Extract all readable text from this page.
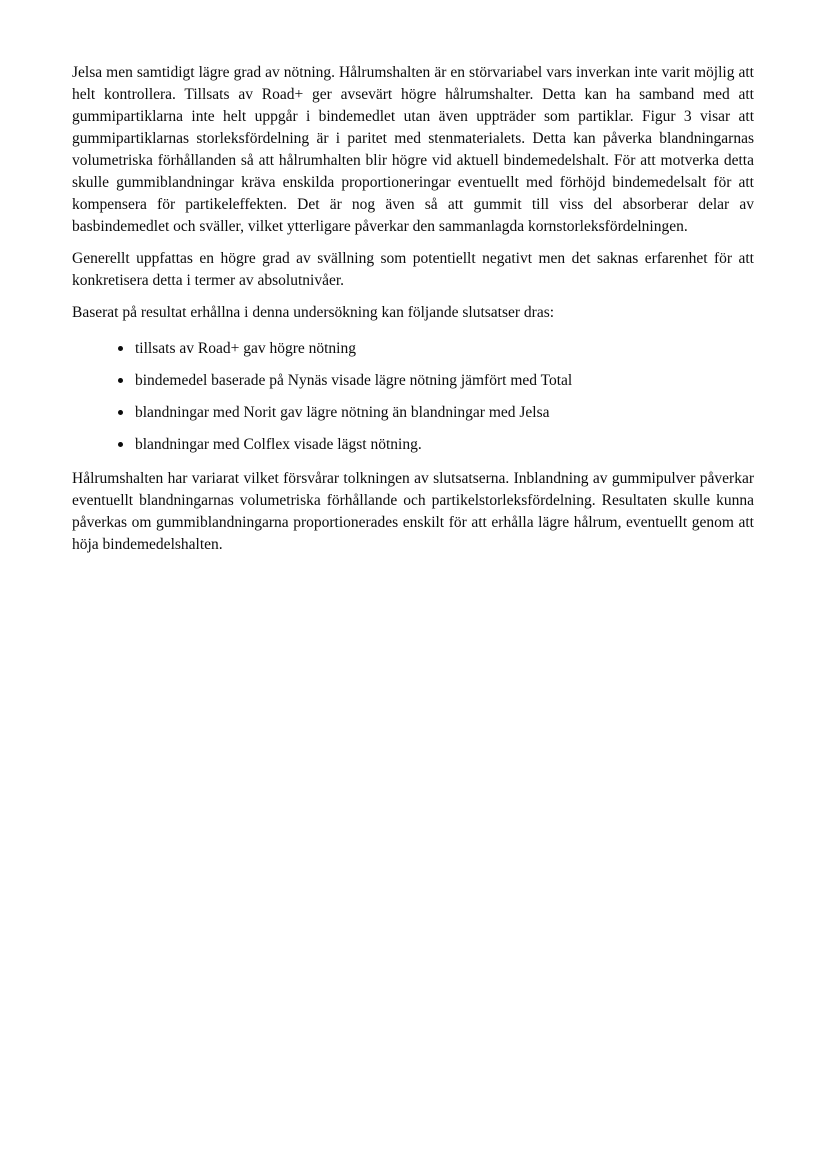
Jelsa men samtidigt lägre grad av nötning. Hålrumshalten är en störvariabel vars inverkan inte varit möjlig att helt kontrollera. Tillsats av Road+ ger avsevärt högre hålrumshalter. Detta kan ha samband med att gummipartiklarna inte helt uppgår i bindemedlet utan även uppträder som partiklar. Figur 3 visar att gummipartiklarnas storleksfördelning är i paritet med stenmaterialets. Detta kan påverka blandningarnas volumetriska förhållanden så att hålrumhalten blir högre vid aktuell bindemedelshalt. För att motverka detta skulle gummiblandningar kräva enskilda proportioneringar eventuellt med förhöjd bindemedelsalt för att kompensera för partikeleffekten. Det är nog även så att gummit till viss del absorberar delar av basbindemedlet och sväller, vilket ytterligare påverkar den sammanlagda kornstorleksfördelningen.

Generellt uppfattas en högre grad av svällning som potentiellt negativt men det saknas erfarenhet för att konkretisera detta i termer av absolutnivåer.

Baserat på resultat erhållna i denna undersökning kan följande slutsatser dras:

tillsats av Road+ gav högre nötning
bindemedel baserade på Nynäs visade lägre nötning jämfört med Total
blandningar med Norit gav lägre nötning än blandningar med Jelsa
blandningar med Colflex visade lägst nötning.

Hålrumshalten har variarat vilket försvårar tolkningen av slutsatserna. Inblandning av gummipulver påverkar eventuellt blandningarnas volumetriska förhållande och partikelstorleksfördelning. Resultaten skulle kunna påverkas om gummiblandningarna proportionerades enskilt för att erhålla lägre hålrum, eventuellt genom att höja bindemedelshalten.
